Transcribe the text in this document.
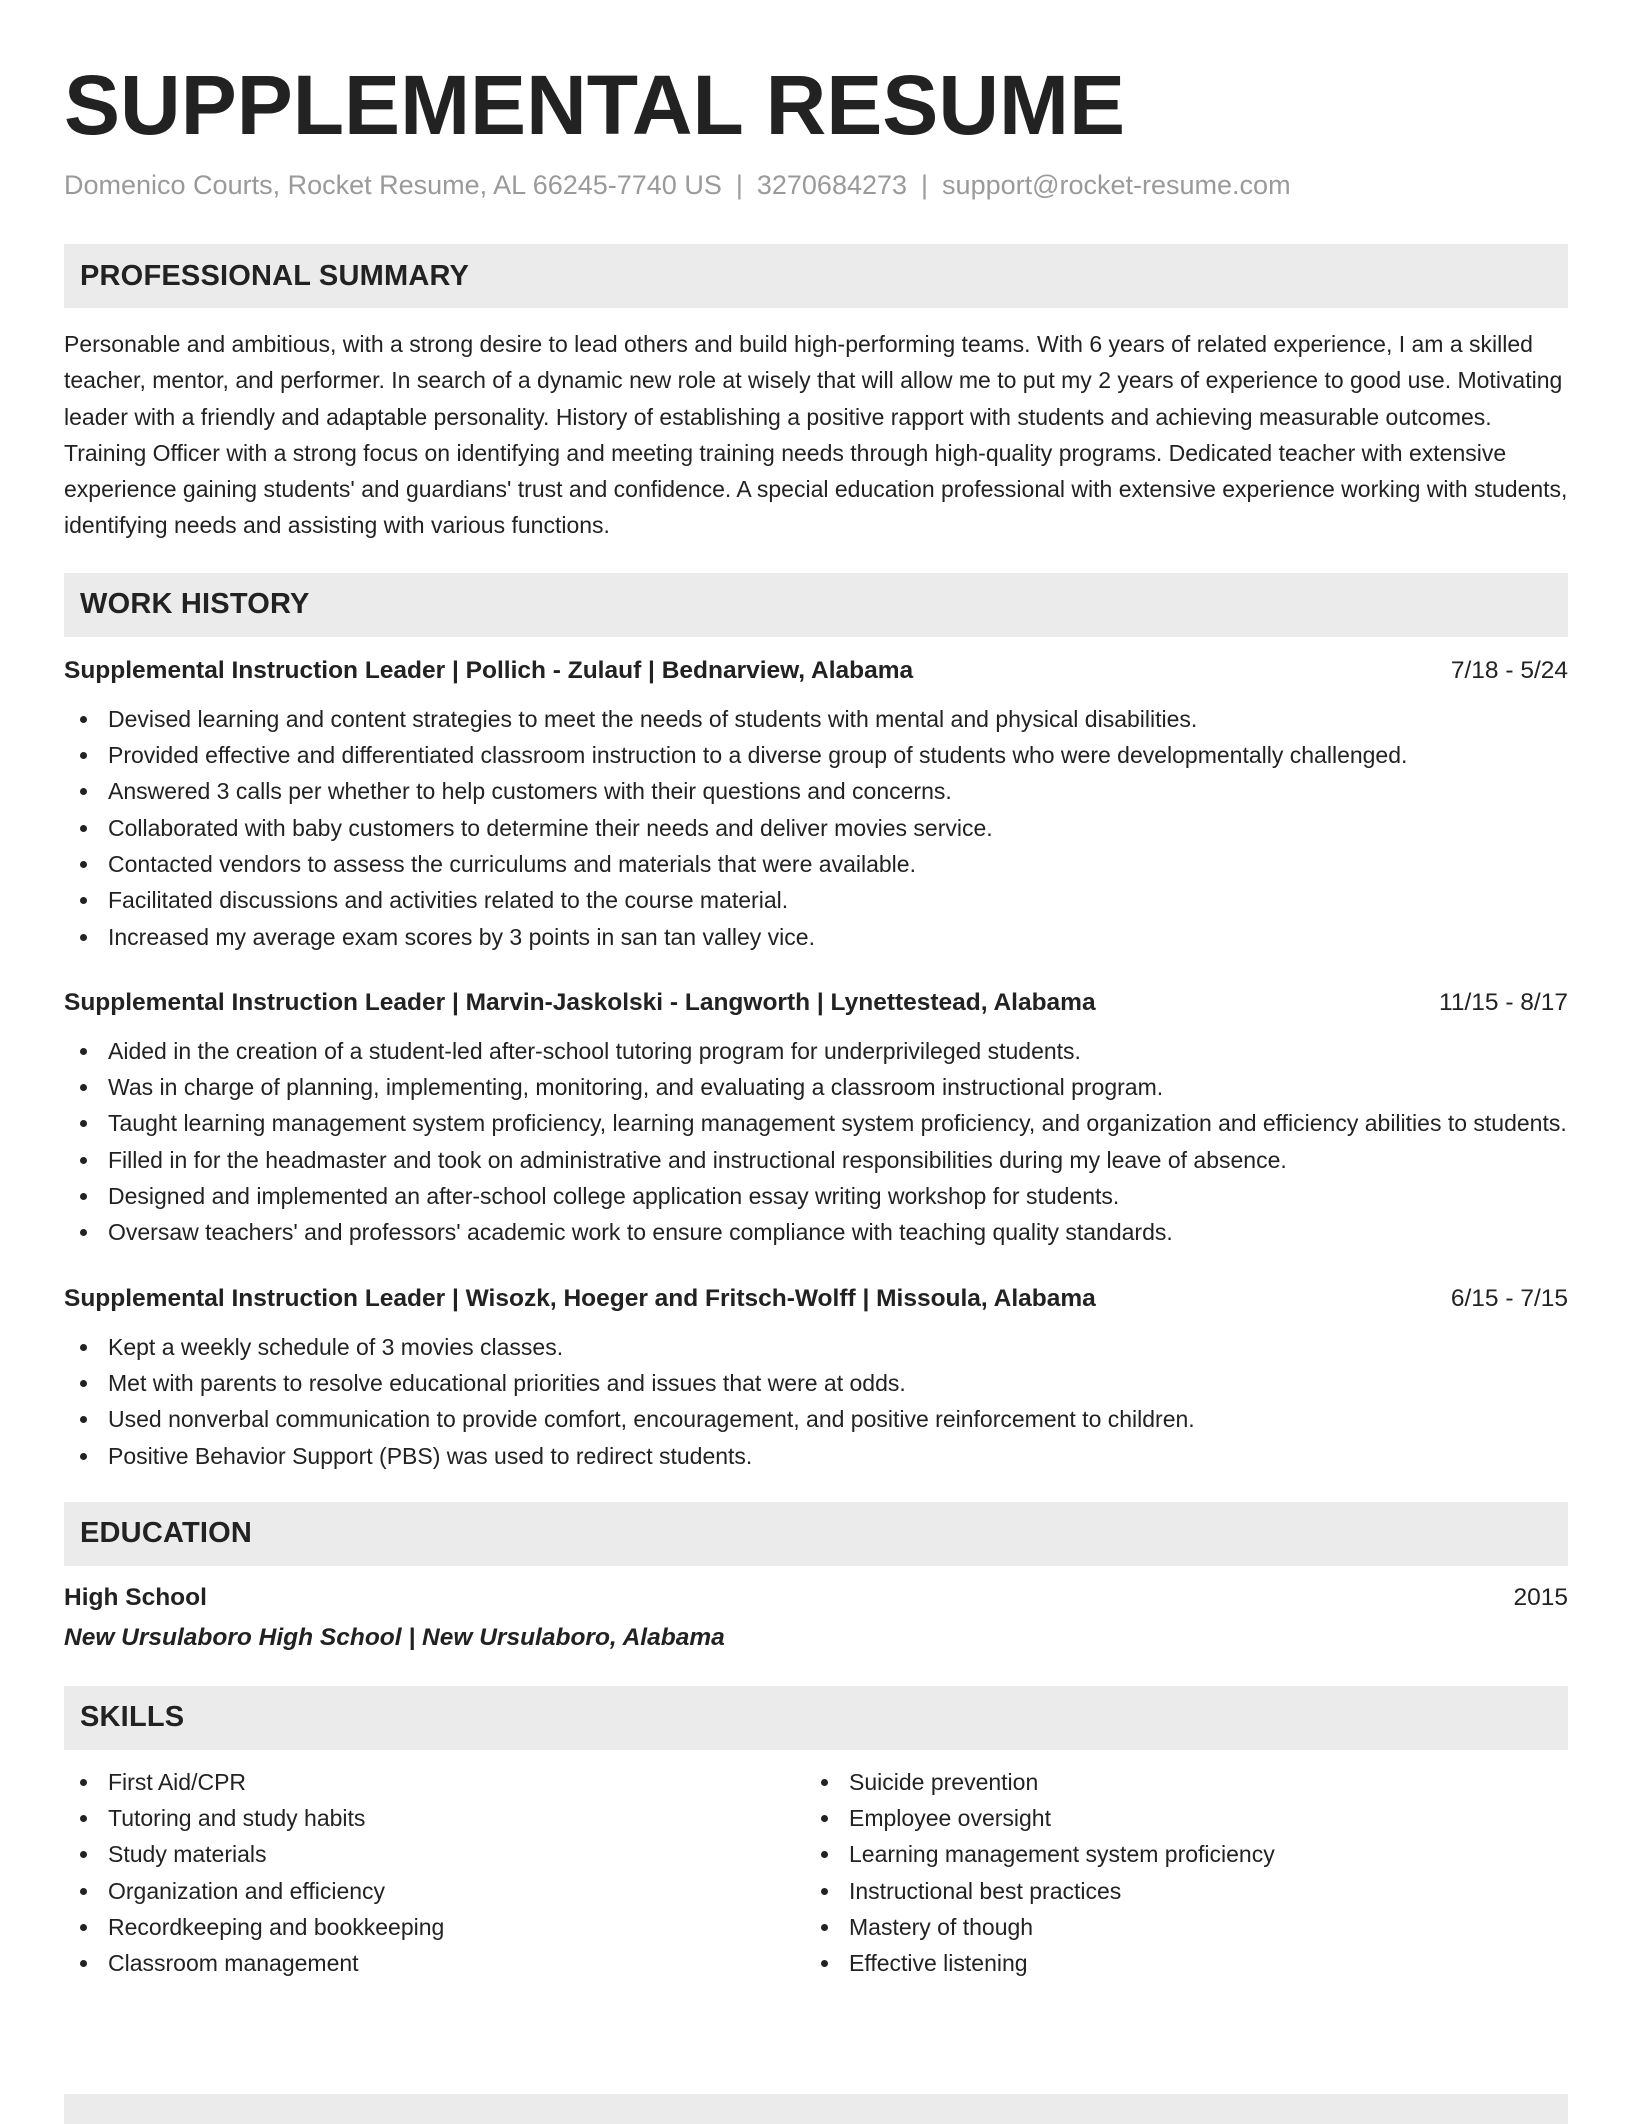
SUPPLEMENTAL RESUME
Domenico Courts, Rocket Resume, AL 66245-7740 US | 3270684273 | support@rocket-resume.com
PROFESSIONAL SUMMARY

Personable and ambitious, with a strong desire to lead others and build high-performing teams. With 6 years of related experience, I am a skilled teacher, mentor, and performer. In search of a dynamic new role at wisely that will allow me to put my 2 years of experience to good use. Motivating leader with a friendly and adaptable personality. History of establishing a positive rapport with students and achieving measurable outcomes. Training Officer with a strong focus on identifying and meeting training needs through high-quality programs. Dedicated teacher with extensive experience gaining students' and guardians' trust and confidence. A special education professional with extensive experience working with students, identifying needs and assisting with various functions.

WORK HISTORY
Supplemental Instruction Leader | Pollich - Zulauf | Bednarview, Alabama	7/18 - 5/24
Devised learning and content strategies to meet the needs of students with mental and physical disabilities.
Provided effective and differentiated classroom instruction to a diverse group of students who were developmentally challenged.
Answered 3 calls per whether to help customers with their questions and concerns.
Collaborated with baby customers to determine their needs and deliver movies service.
Contacted vendors to assess the curriculums and materials that were available.
Facilitated discussions and activities related to the course material.
Increased my average exam scores by 3 points in san tan valley vice.
Supplemental Instruction Leader | Marvin-Jaskolski - Langworth | Lynettestead, Alabama	11/15 - 8/17
Aided in the creation of a student-led after-school tutoring program for underprivileged students.
Was in charge of planning, implementing, monitoring, and evaluating a classroom instructional program.
Taught learning management system proficiency, learning management system proficiency, and organization and efficiency abilities to students.
Filled in for the headmaster and took on administrative and instructional responsibilities during my leave of absence.
Designed and implemented an after-school college application essay writing workshop for students.
Oversaw teachers' and professors' academic work to ensure compliance with teaching quality standards.
Supplemental Instruction Leader | Wisozk, Hoeger and Fritsch-Wolff | Missoula, Alabama	6/15 - 7/15
Kept a weekly schedule of 3 movies classes.
Met with parents to resolve educational priorities and issues that were at odds.
Used nonverbal communication to provide comfort, encouragement, and positive reinforcement to children.
Positive Behavior Support (PBS) was used to redirect students.
EDUCATION
High School	2015
New Ursulaboro High School | New Ursulaboro, Alabama
SKILLS
First Aid/CPR
Tutoring and study habits
Study materials
Organization and efficiency
Recordkeeping and bookkeeping
Classroom management
Suicide prevention
Employee oversight
Learning management system proficiency
Instructional best practices
Mastery of though
Effective listening
